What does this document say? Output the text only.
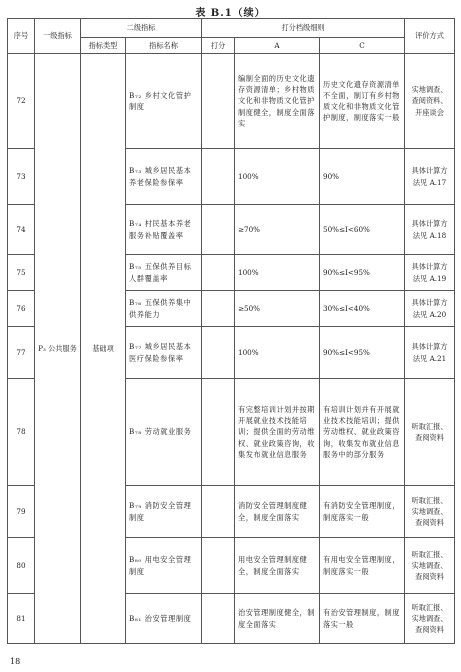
表 B.1（续）
序号	一级指标	二级指标		打分档级细则			评价方式
		指标类型	指标名称	打分	A	C	
72	P₃ 公共服务	基础项	B₇₂ 乡村文化管护制度		编制全面的历史文化遗存资源清单；乡村物质文化和非物质文化管护制度健全，制度全面落实	历史文化遗存资源清单不全面，制订有乡村物质文化和非物质文化管护制度，制度落实一般	实地调查、查阅资料、开座谈会
73			B₇₃ 城乡居民基本养老保险参保率		100%	90%	具体计算方法见 A.17
74			B₇₄ 村民基本养老服务补贴覆盖率		≥70%	50%≤I<60%	具体计算方法见 A.18
75			B₇₅ 五保供养目标人群覆盖率		100%	90%≤I<95%	具体计算方法见 A.19
76			B₇₆ 五保供养集中供养能力		≥50%	30%≤I<40%	具体计算方法见 A.20
77			B₇₇ 城乡居民基本医疗保险参保率		100%	90%≤I<95%	具体计算方法见 A.21
78			B₇₈ 劳动就业服务		有完整培训计划并按期开展就业技术技能培训；提供全面的劳动维权、就业政策咨询，收集发布就业信息服务	有培训计划并有开展就业技术技能培训；提供劳动维权、就业政策咨询，收集发布就业信息服务中的部分服务	听取汇报、查阅资料
79			B₇₉ 消防安全管理制度		消防安全管理制度健全，制度全面落实	有消防安全管理制度，制度落实一般	听取汇报、实地调查、查阅资料
80			B₈₀ 用电安全管理制度		用电安全管理制度健全，制度全面落实	有用电安全管理制度，制度落实一般	听取汇报、实地调查、查阅资料
81			B₈₁ 治安管理制度		治安管理制度健全，制度全面落实	有治安管理制度，制度落实一般	听取汇报、实地调查、查阅资料
18
